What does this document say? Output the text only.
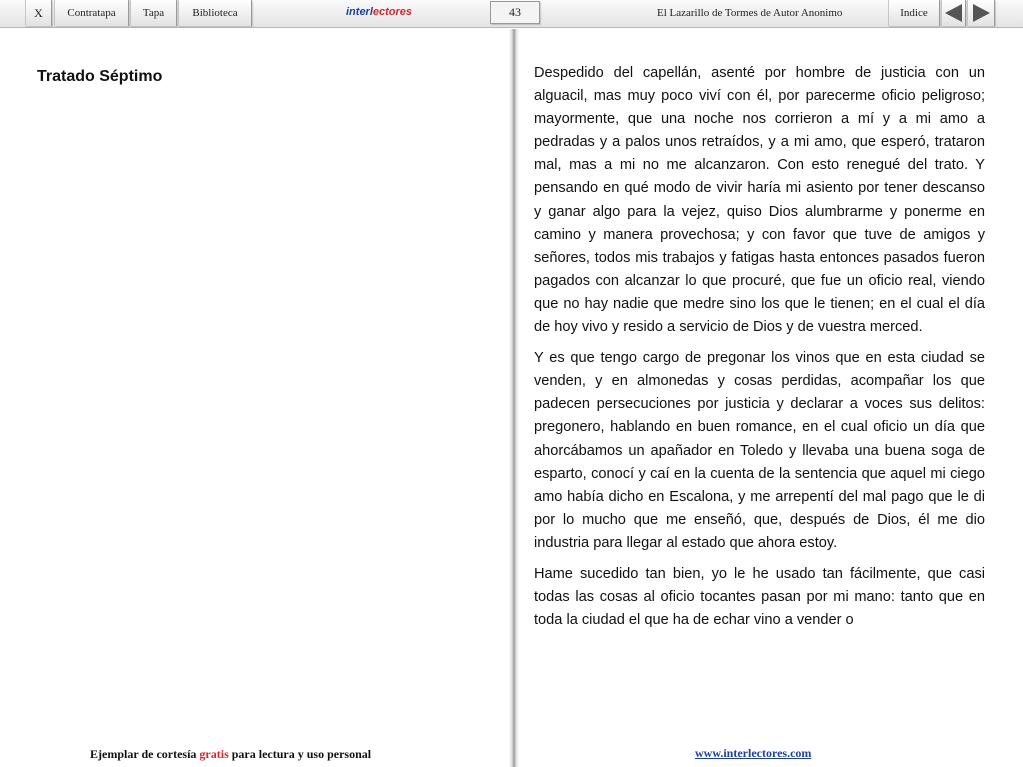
X	Contratapa	Tapa	Biblioteca	interlectores	43	El Lazarillo de Tormes de Autor Anonimo	Indice
Tratado Séptimo	Despedido del capellán, asenté por hombre de justicia con un alguacil, mas muy poco viví con él, por parecerme oficio peligroso; mayormente, que una noche nos corrieron a mí y a mi amo a pedradas y a palos unos retraídos, y a mi amo, que esperó, trataron mal, mas a mi no me alcanzaron. Con esto renegué del trato. Y pensando en qué modo de vivir haría mi asiento por tener descanso y ganar algo para la vejez, quiso Dios alumbrarme y ponerme en camino y manera provechosa; y con favor que tuve de amigos y señores, todos mis trabajos y fatigas hasta entonces pasados fueron pagados con alcanzar lo que procuré, que fue un oficio real, viendo que no hay nadie que medre sino los que le tienen; en el cual el día de hoy vivo y resido a servicio de Dios y de vuestra merced.

Y es que tengo cargo de pregonar los vinos que en esta ciudad se venden, y en almonedas y cosas perdidas, acompañar los que padecen persecuciones por justicia y declarar a voces sus delitos: pregonero, hablando en buen romance, en el cual oficio un día que ahorcábamos un apañador en Toledo y llevaba una buena soga de esparto, conocí y caí en la cuenta de la sentencia que aquel mi ciego amo había dicho en Escalona, y me arrepentí del mal pago que le di por lo mucho que me enseñó, que, después de Dios, él me dio industria para llegar al estado que ahora estoy.

Hame sucedido tan bien, yo le he usado tan fácilmente, que casi todas las cosas al oficio tocantes pasan por mi mano: tanto que en toda la ciudad el que ha de echar vino a vender o

Ejemplar de cortesía gratis para lectura y uso personal	www.interlectores.com
